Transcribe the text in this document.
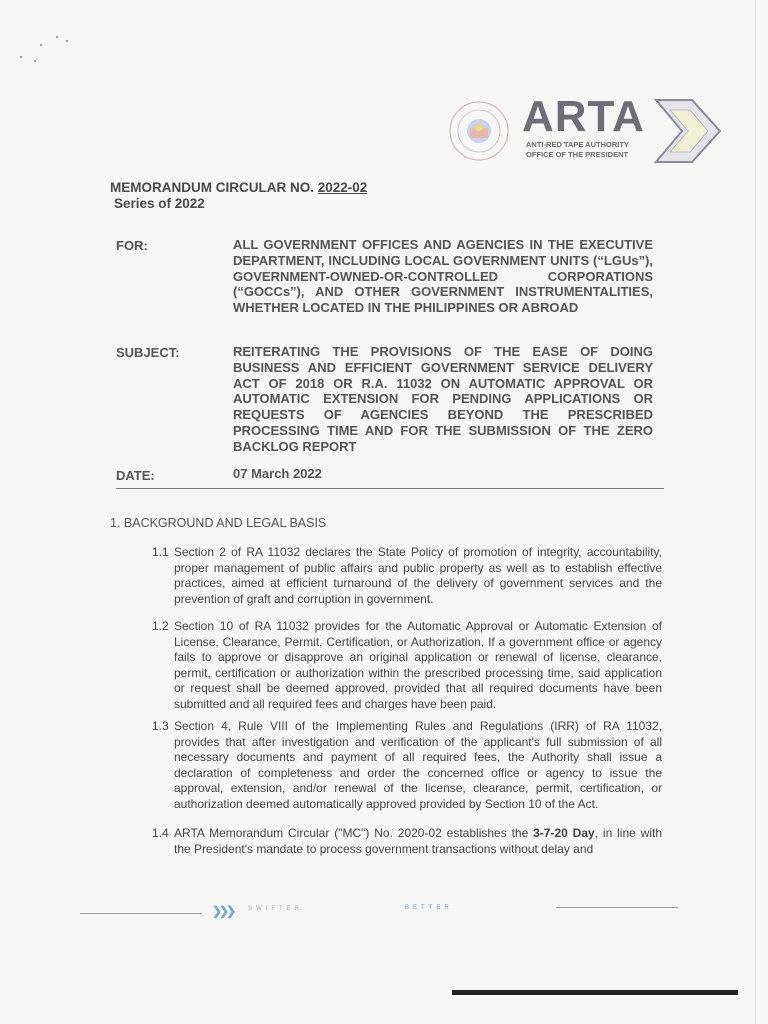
ARTA
ANTI-RED TAPE AUTHORITY
OFFICE OF THE PRESIDENT
MEMORANDUM CIRCULAR NO. 2022-02
Series of 2022
FOR:	ALL GOVERNMENT OFFICES AND AGENCIES IN THE EXECUTIVE DEPARTMENT, INCLUDING LOCAL GOVERNMENT UNITS (“LGUs”), GOVERNMENT-OWNED-OR-CONTROLLED CORPORATIONS (“GOCCs”), AND OTHER GOVERNMENT INSTRUMENTALITIES, WHETHER LOCATED IN THE PHILIPPINES OR ABROAD
SUBJECT:	REITERATING THE PROVISIONS OF THE EASE OF DOING BUSINESS AND EFFICIENT GOVERNMENT SERVICE DELIVERY ACT OF 2018 OR R.A. 11032 ON AUTOMATIC APPROVAL OR AUTOMATIC EXTENSION FOR PENDING APPLICATIONS OR REQUESTS OF AGENCIES BEYOND THE PRESCRIBED PROCESSING TIME AND FOR THE SUBMISSION OF THE ZERO BACKLOG REPORT
DATE:	07 March 2022
1. BACKGROUND AND LEGAL BASIS
1.1 Section 2 of RA 11032 declares the State Policy of promotion of integrity, accountability, proper management of public affairs and public property as well as to establish effective practices, aimed at efficient turnaround of the delivery of government services and the prevention of graft and corruption in government.
1.2 Section 10 of RA 11032 provides for the Automatic Approval or Automatic Extension of License, Clearance, Permit, Certification, or Authorization. If a government office or agency fails to approve or disapprove an original application or renewal of license, clearance, permit, certification or authorization within the prescribed processing time, said application or request shall be deemed approved, provided that all required documents have been submitted and all required fees and charges have been paid.
1.3 Section 4, Rule VIII of the Implementing Rules and Regulations (IRR) of RA 11032, provides that after investigation and verification of the applicant's full submission of all necessary documents and payment of all required fees, the Authority shall issue a declaration of completeness and order the concerned office or agency to issue the approval, extension, and/or renewal of the license, clearance, permit, certification, or authorization deemed automatically approved provided by Section 10 of the Act.
1.4 ARTA Memorandum Circular ("MC") No. 2020-02 establishes the 3-7-20 Day, in line with the President's mandate to process government transactions without delay and
❯❯❯ SWIFTER	BETTER
